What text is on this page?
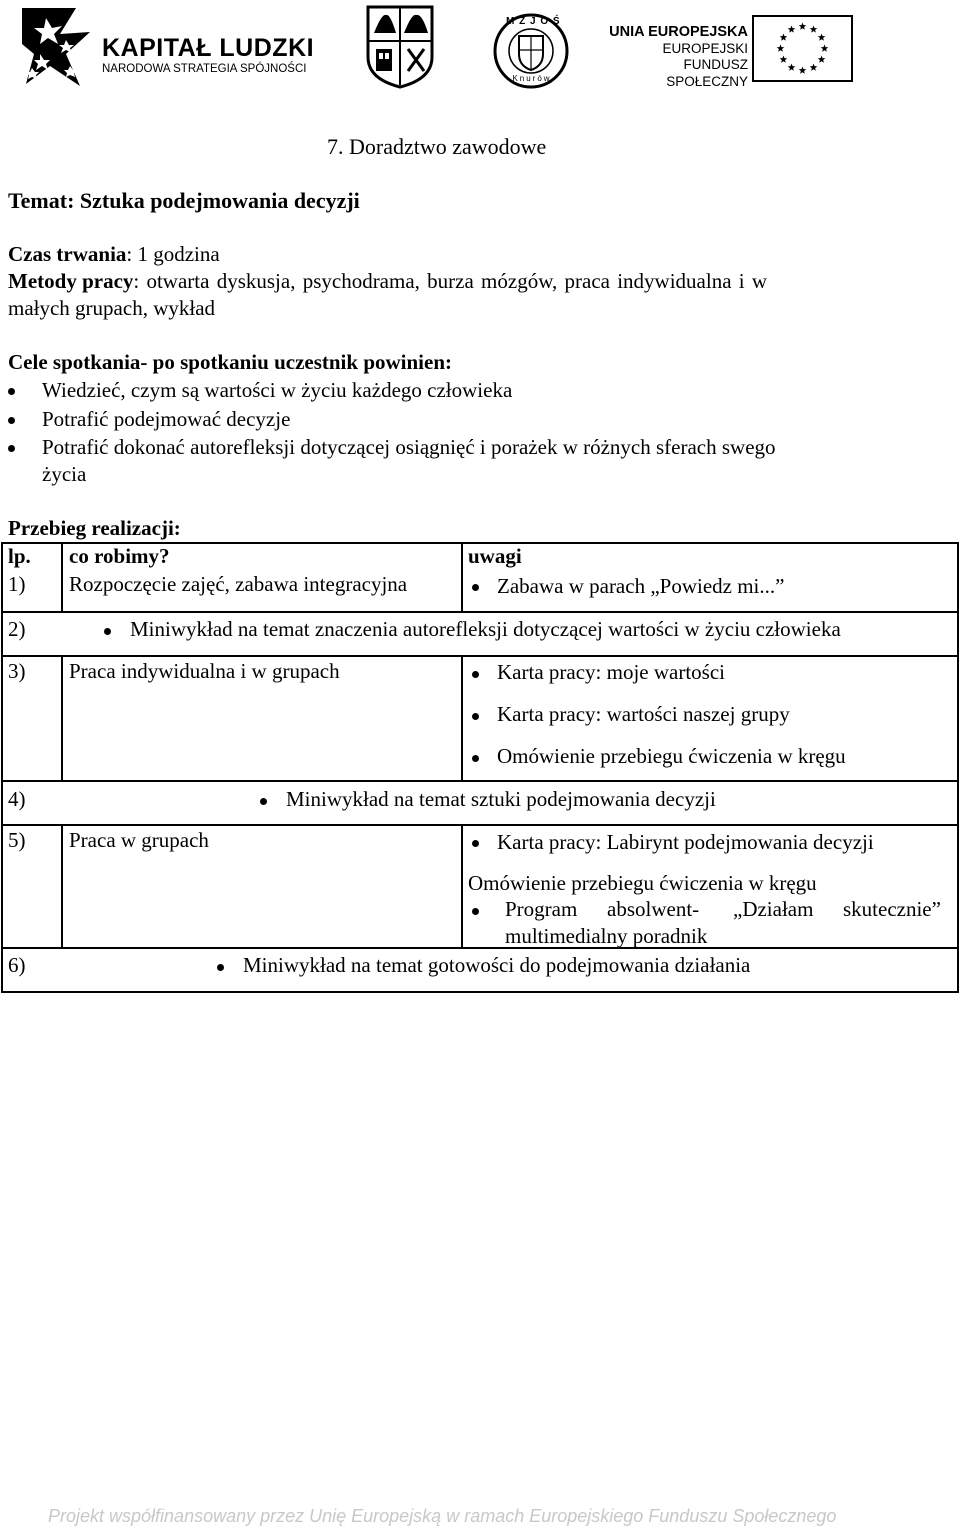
KAPITAŁ LUDZKI
NARODOWA STRATEGIA SPÓJNOŚCI
M Z J O Ś
Knurów
UNIA EUROPEJSKA
EUROPEJSKI
FUNDUSZ SPOŁECZNY
7. Doradztwo zawodowe
Temat: Sztuka podejmowania decyzji
Czas trwania: 1 godzina
Metody pracy: otwarta dyskusja, psychodrama, burza mózgów, praca indywidualna i w
małych grupach, wykład
Cele spotkania- po spotkaniu uczestnik powinien:
Wiedzieć, czym są wartości w życiu każdego człowieka
Potrafić podejmować decyzje
Potrafić dokonać autorefleksji dotyczącej osiągnięć i porażek w różnych sferach swego
życia
Przebieg realizacji:
lp. co robimy?	uwagi
1) Rozpoczęcie zajęć, zabawa integracyjna	Zabawa w parach „Powiedz mi...”
2)	Miniwykład na temat znaczenia autorefleksji dotyczącej wartości w życiu człowieka
3) Praca indywidualna i w grupach	Karta pracy: moje wartości
Karta pracy: wartości naszej grupy
Omówienie przebiegu ćwiczenia w kręgu
4)	Miniwykład na temat sztuki podejmowania decyzji
5) Praca w grupach	Karta pracy: Labirynt podejmowania decyzji
Omówienie przebiegu ćwiczenia w kręgu
Program absolwent- „Działam skutecznie”
multimedialny poradnik
6)	Miniwykład na temat gotowości do podejmowania działania
Projekt współfinansowany przez Unię Europejską w ramach Europejskiego Funduszu Społecznego
